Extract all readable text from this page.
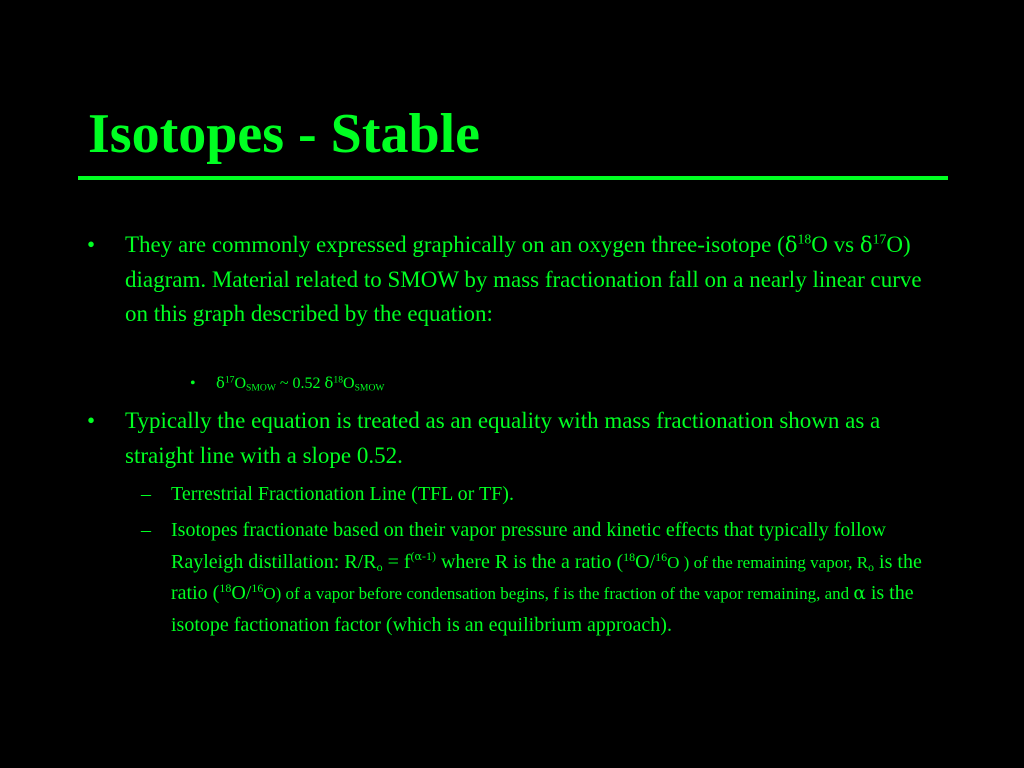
Isotopes - Stable
• They are commonly expressed graphically on an oxygen three-isotope ($\delta^{18}O$ vs $\delta^{17}O$) diagram. Material related to SMOW by mass fractionation fall on a nearly linear curve on this graph described by the equation:
• $\delta^{17}O_{SMOW}$ ~ 0.52 $\delta^{18}O_{SMOW}$
• Typically the equation is treated as an equality with mass fractionation shown as a straight line with a slope 0.52.
– Terrestrial Fractionation Line (TFL or TF).
– Isotopes fractionate based on their vapor pressure and kinetic effects that typically follow Rayleigh distillation: $R/R_o = f^{(\alpha-1)}$ where R is the a ratio ($^{18}$O/$^{16}$O ) of the remaining vapor, $R_o$ is the ratio ($^{18}$O/$^{16}$O) of a vapor before condensation begins, f is the fraction of the vapor remaining, and α is the isotope factionation factor (which is an equilibrium approach).
